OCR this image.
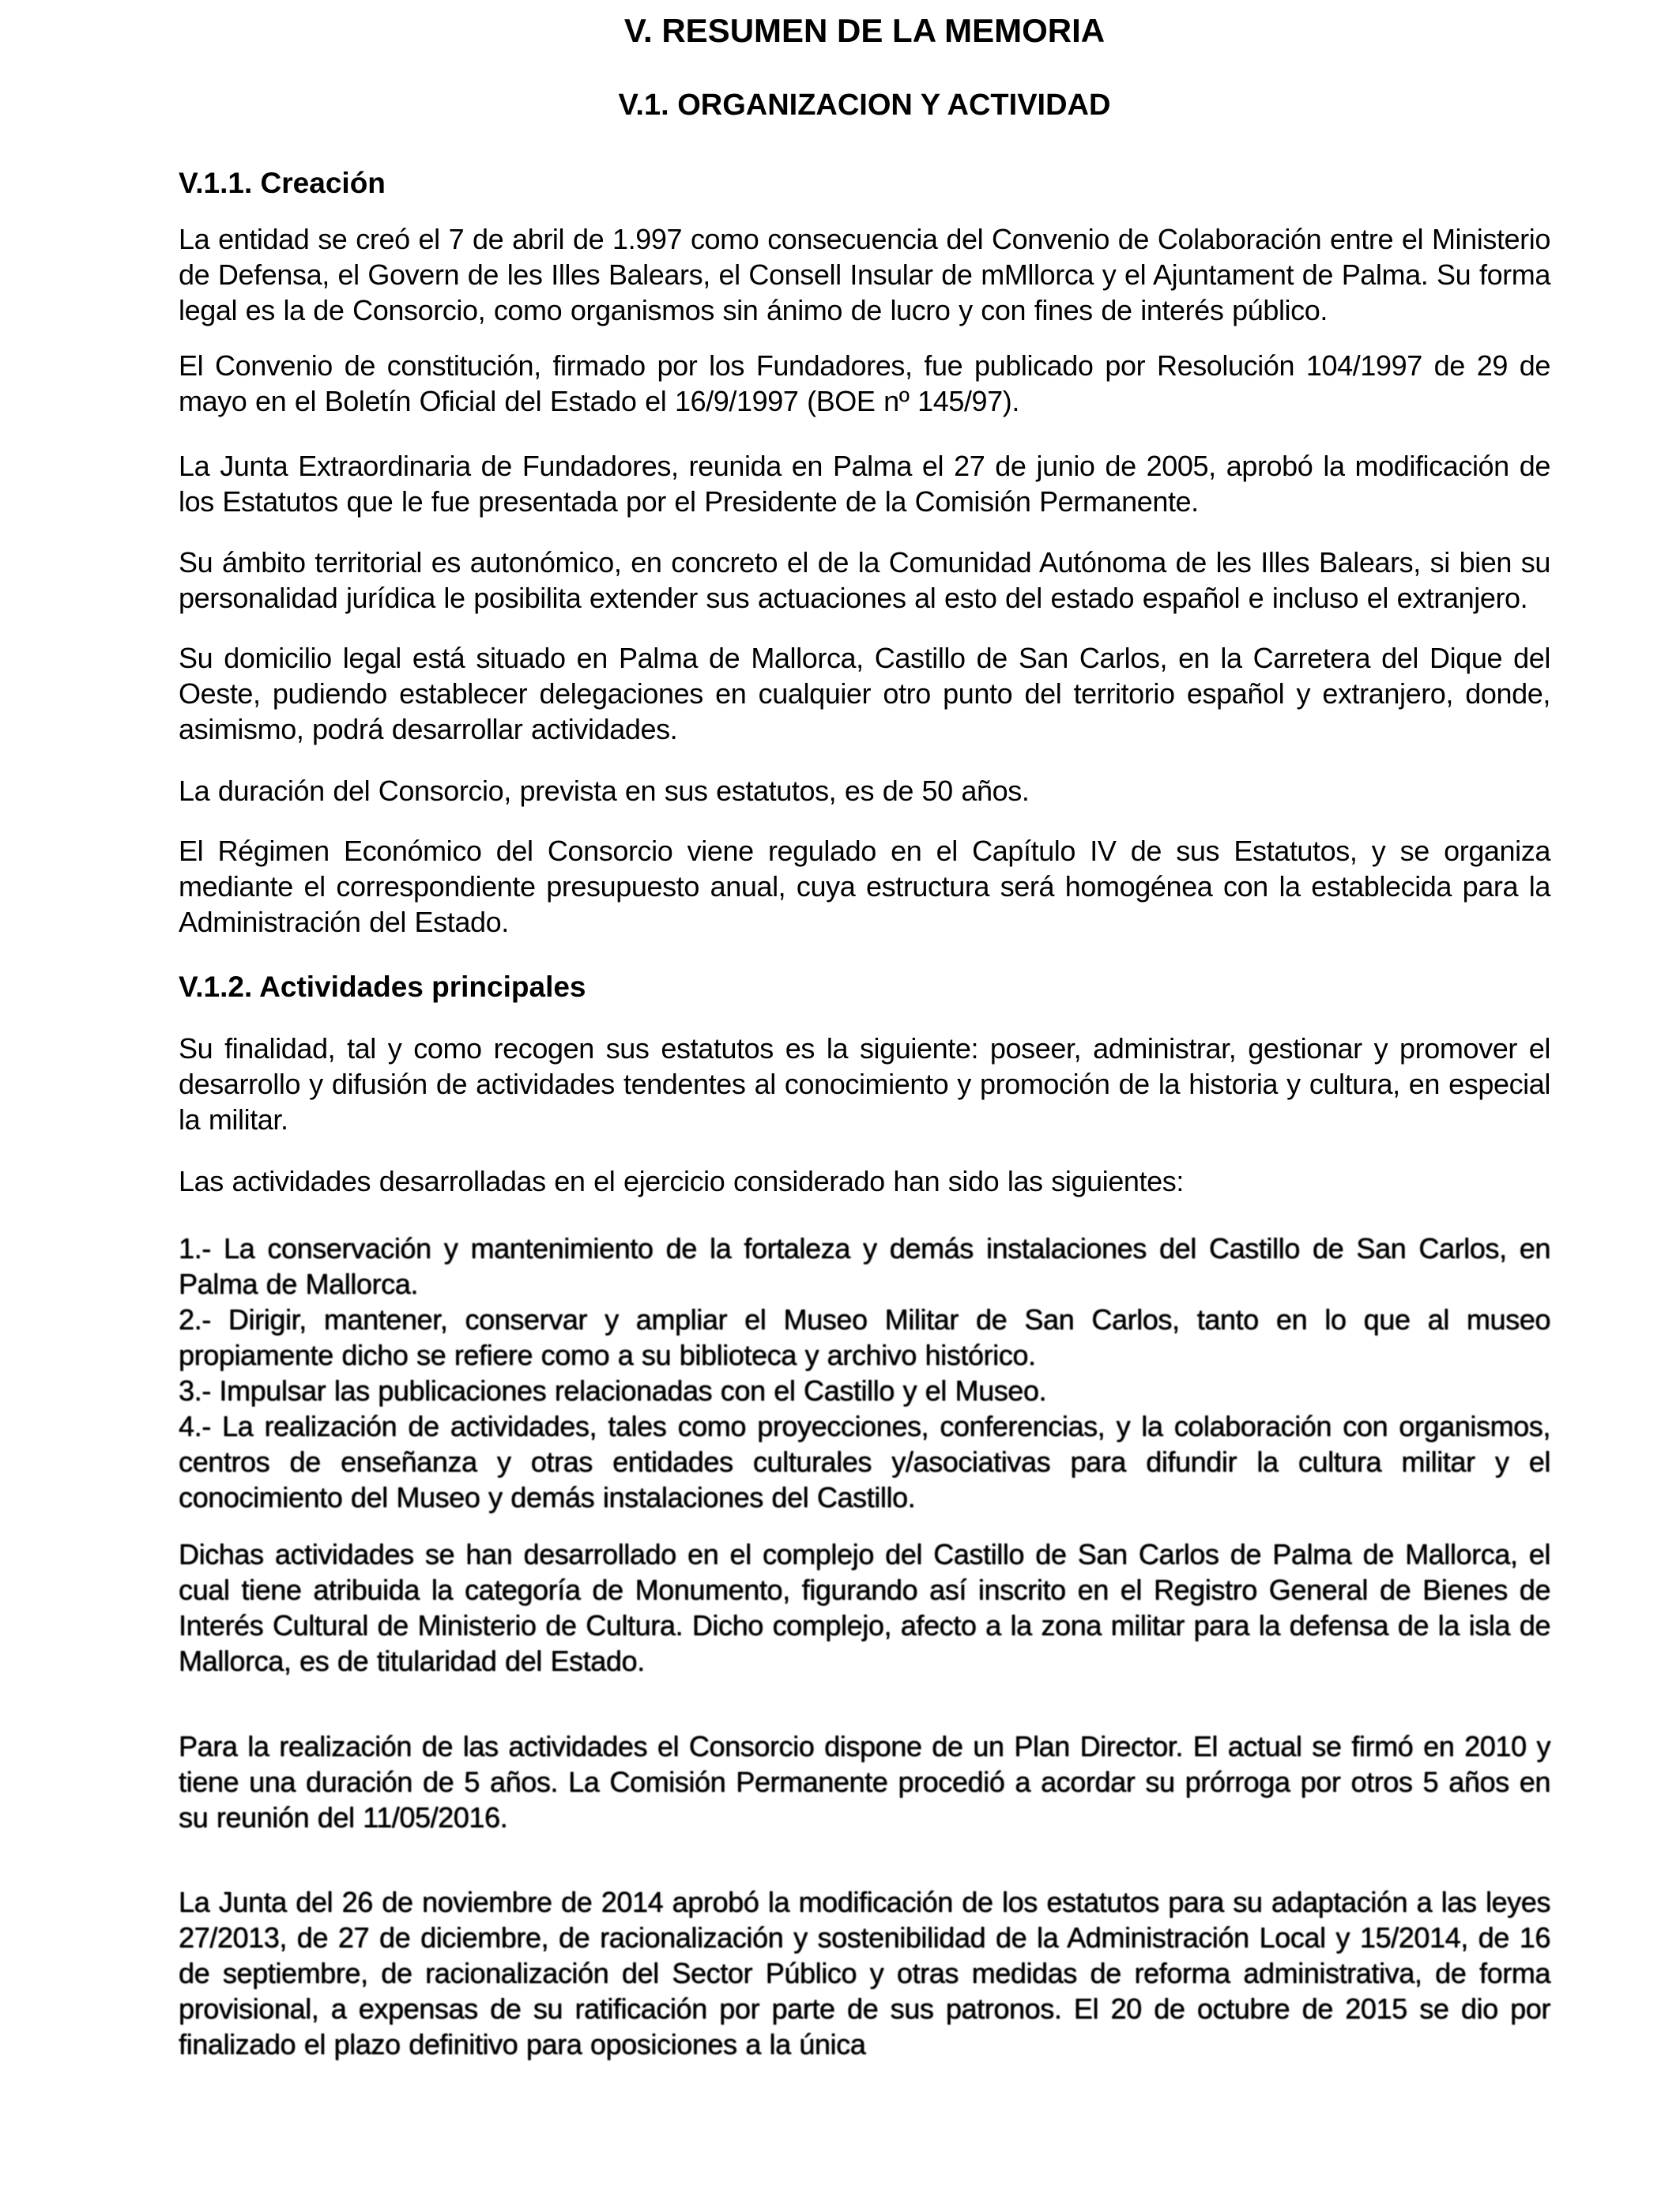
V. RESUMEN DE LA MEMORIA
V.1. ORGANIZACION Y ACTIVIDAD
V.1.1. Creación

La entidad se creó el 7 de abril de 1.997 como consecuencia del Convenio de Colaboración entre el Ministerio de Defensa, el Govern de les Illes Balears, el Consell Insular de mMllorca y el Ajuntament de Palma. Su forma legal es la de Consorcio, como organismos sin ánimo de lucro y con fines de interés público.

El Convenio de constitución, firmado por los Fundadores, fue publicado por Resolución 104/1997 de 29 de mayo en el Boletín Oficial del Estado el 16/9/1997 (BOE nº 145/97).

La Junta Extraordinaria de Fundadores, reunida en Palma el 27 de junio de 2005, aprobó la modificación de los Estatutos que le fue presentada por el Presidente de la Comisión Permanente.

Su ámbito territorial es autonómico, en concreto el de la Comunidad Autónoma de les Illes Balears, si bien su personalidad jurídica le posibilita extender sus actuaciones al esto del estado español e incluso el extranjero.

Su domicilio legal está situado en Palma de Mallorca, Castillo de San Carlos, en la Carretera del Dique del Oeste, pudiendo establecer delegaciones en cualquier otro punto del territorio español y extranjero, donde, asimismo, podrá desarrollar actividades.

La duración del Consorcio, prevista en sus estatutos, es de 50 años.

El Régimen Económico del Consorcio viene regulado en el Capítulo IV de sus Estatutos, y se organiza mediante el correspondiente presupuesto anual, cuya estructura será homogénea con la establecida para la Administración del Estado.

V.1.2. Actividades principales

Su finalidad, tal y como recogen sus estatutos es la siguiente: poseer, administrar, gestionar y promover el desarrollo y difusión de actividades tendentes al conocimiento y promoción de la historia y cultura, en especial la militar.

Las actividades desarrolladas en el ejercicio considerado han sido las siguientes:

1.- La conservación y mantenimiento de la fortaleza y demás instalaciones del Castillo de San Carlos, en Palma de Mallorca.

2.- Dirigir, mantener, conservar y ampliar el Museo Militar de San Carlos, tanto en lo que al museo propiamente dicho se refiere como a su biblioteca y archivo histórico.

3.- Impulsar las publicaciones relacionadas con el Castillo y el Museo.

4.- La realización de actividades, tales como proyecciones, conferencias, y la colaboración con organismos, centros de enseñanza y otras entidades culturales y/asociativas para difundir la cultura militar y el conocimiento del Museo y demás instalaciones del Castillo.

Dichas actividades se han desarrollado en el complejo del Castillo de San Carlos de Palma de Mallorca, el cual tiene atribuida la categoría de Monumento, figurando así inscrito en el Registro General de Bienes de Interés Cultural de Ministerio de Cultura. Dicho complejo, afecto a la zona militar para la defensa de la isla de Mallorca, es de titularidad del Estado.

Para la realización de las actividades el Consorcio dispone de un Plan Director. El actual se firmó en 2010 y tiene una duración de 5 años. La Comisión Permanente procedió a acordar su prórroga por otros 5 años en su reunión del 11/05/2016.

La Junta del 26 de noviembre de 2014 aprobó la modificación de los estatutos para su adaptación a las leyes 27/2013, de 27 de diciembre, de racionalización y sostenibilidad de la Administración Local y 15/2014, de 16 de septiembre, de racionalización del Sector Público y otras medidas de reforma administrativa, de forma provisional, a expensas de su ratificación por parte de sus patronos. El 20 de octubre de 2015 se dio por finalizado el plazo definitivo para oposiciones a la única
